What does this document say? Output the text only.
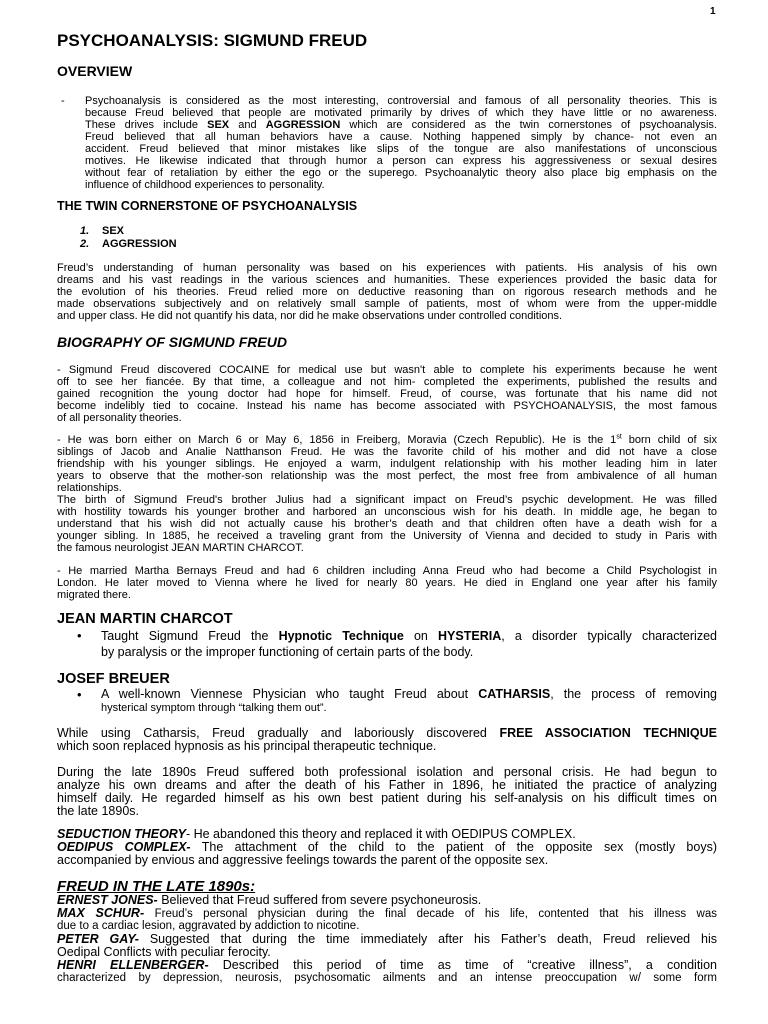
1
PSYCHOANALYSIS: SIGMUND FREUD
OVERVIEW
- Psychoanalysis is considered as the most interesting, controversial and famous of all personality theories. This is
because Freud believed that people are motivated primarily by drives of which they have little or no awareness.
These drives include SEX and AGGRESSION which are considered as the twin cornerstones of psychoanalysis.
Freud believed that all human behaviors have a cause. Nothing happened simply by chance- not even an
accident. Freud believed that minor mistakes like slips of the tongue are also manifestations of unconscious
motives. He likewise indicated that through humor a person can express his aggressiveness or sexual desires
without fear of retaliation by either the ego or the superego. Psychoanalytic theory also place big emphasis on the
influence of childhood experiences to personality.
THE TWIN CORNERSTONE OF PSYCHOANALYSIS
1. SEX
2. AGGRESSION
Freud’s understanding of human personality was based on his experiences with patients. His analysis of his own
dreams and his vast readings in the various sciences and humanities. These experiences provided the basic data for
the evolution of his theories. Freud relied more on deductive reasoning than on rigorous research methods and he
made observations subjectively and on relatively small sample of patients, most of whom were from the upper-middle
and upper class. He did not quantify his data, nor did he make observations under controlled conditions.
BIOGRAPHY OF SIGMUND FREUD
- Sigmund Freud discovered COCAINE for medical use but wasn't able to complete his experiments because he went
off to see her fiancée. By that time, a colleague and not him- completed the experiments, published the results and
gained recognition the young doctor had hope for himself. Freud, of course, was fortunate that his name did not
become indelibly tied to cocaine. Instead his name has become associated with PSYCHOANALYSIS, the most famous
of all personality theories.
- He was born either on March 6 or May 6, 1856 in Freiberg, Moravia (Czech Republic). He is the 1st born child of six
siblings of Jacob and Analie Natthanson Freud. He was the favorite child of his mother and did not have a close
friendship with his younger siblings. He enjoyed a warm, indulgent relationship with his mother leading him in later
years to observe that the mother-son relationship was the most perfect, the most free from ambivalence of all human
relationships.
The birth of Sigmund Freud's brother Julius had a significant impact on Freud’s psychic development. He was filled
with hostility towards his younger brother and harbored an unconscious wish for his death. In middle age, he began to
understand that his wish did not actually cause his brother’s death and that children often have a death wish for a
younger sibling. In 1885, he received a traveling grant from the University of Vienna and decided to study in Paris with
the famous neurologist JEAN MARTIN CHARCOT.
- He married Martha Bernays Freud and had 6 children including Anna Freud who had become a Child Psychologist in
London. He later moved to Vienna where he lived for nearly 80 years. He died in England one year after his family
migrated there.
JEAN MARTIN CHARCOT
• Taught Sigmund Freud the Hypnotic Technique on HYSTERIA, a disorder typically characterized
by paralysis or the improper functioning of certain parts of the body.
JOSEF BREUER
• A well-known Viennese Physician who taught Freud about CATHARSIS, the process of removing
hysterical symptom through “talking them out”.
While using Catharsis, Freud gradually and laboriously discovered FREE ASSOCIATION TECHNIQUE
which soon replaced hypnosis as his principal therapeutic technique.
During the late 1890s Freud suffered both professional isolation and personal crisis. He had begun to
analyze his own dreams and after the death of his Father in 1896, he initiated the practice of analyzing
himself daily. He regarded himself as his own best patient during his self-analysis on his difficult times on
the late 1890s.
SEDUCTION THEORY- He abandoned this theory and replaced it with OEDIPUS COMPLEX.
OEDIPUS COMPLEX- The attachment of the child to the patient of the opposite sex (mostly boys)
accompanied by envious and aggressive feelings towards the parent of the opposite sex.
FREUD IN THE LATE 1890s:
ERNEST JONES- Believed that Freud suffered from severe psychoneurosis.
MAX SCHUR- Freud’s personal physician during the final decade of his life, contented that his illness was
due to a cardiac lesion, aggravated by addiction to nicotine.
PETER GAY- Suggested that during the time immediately after his Father’s death, Freud relieved his
Oedipal Conflicts with peculiar ferocity.
HENRI ELLENBERGER- Described this period of time as time of “creative illness”, a condition
characterized by depression, neurosis, psychosomatic ailments and an intense preoccupation w/ some form
